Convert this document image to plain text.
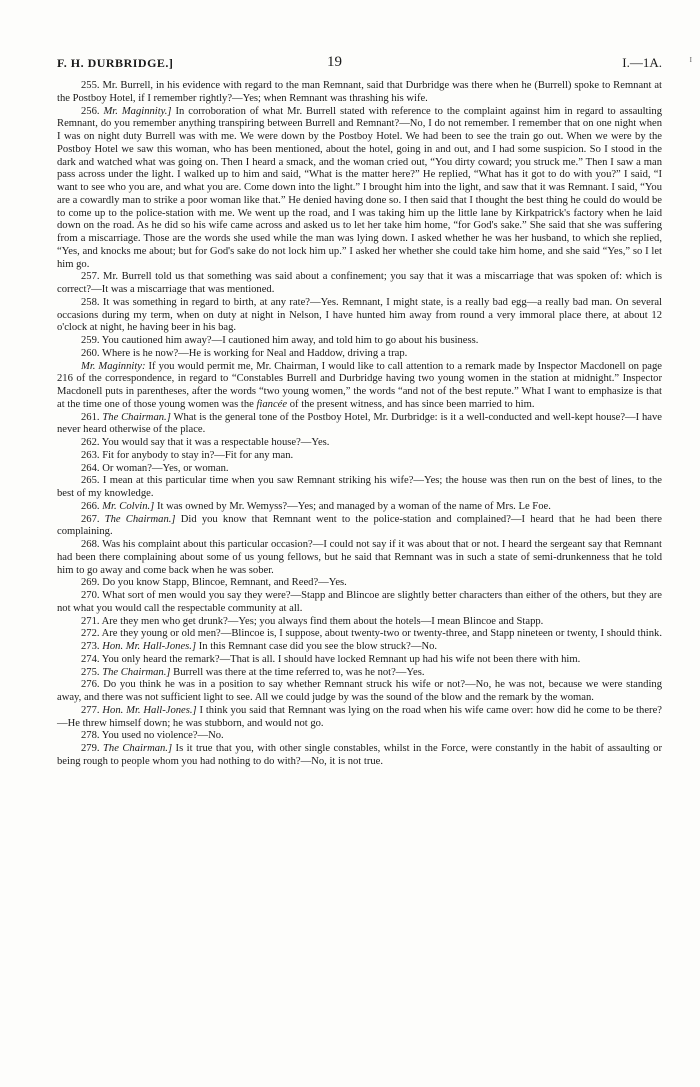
F. H. DURBRIDGE.]	19	I.—1A.	I

255. Mr. Burrell, in his evidence with regard to the man Remnant, said that Durbridge was there when he (Burrell) spoke to Remnant at the Postboy Hotel, if I remember rightly?—Yes; when Remnant was thrashing his wife.

256. Mr. Maginnity.] In corroboration of what Mr. Burrell stated with reference to the complaint against him in regard to assaulting Remnant, do you remember anything transpiring between Burrell and Remnant?—No, I do not remember. I remember that on one night when I was on night duty Burrell was with me. We were down by the Postboy Hotel. We had been to see the train go out. When we were by the Postboy Hotel we saw this woman, who has been mentioned, about the hotel, going in and out, and I had some suspicion. So I stood in the dark and watched what was going on. Then I heard a smack, and the woman cried out, “You dirty coward; you struck me.” Then I saw a man pass across under the light. I walked up to him and said, “What is the matter here?” He replied, “What has it got to do with you?” I said, “I want to see who you are, and what you are. Come down into the light.” I brought him into the light, and saw that it was Remnant. I said, “You are a cowardly man to strike a poor woman like that.” He denied having done so. I then said that I thought the best thing he could do would be to come up to the police-station with me. We went up the road, and I was taking him up the little lane by Kirkpatrick's factory when he laid down on the road. As he did so his wife came across and asked us to let her take him home, “for God's sake.” She said that she was suffering from a miscarriage. Those are the words she used while the man was lying down. I asked whether he was her husband, to which she replied, “Yes, and knocks me about; but for God's sake do not lock him up.” I asked her whether she could take him home, and she said “Yes,” so I let him go.

257. Mr. Burrell told us that something was said about a confinement; you say that it was a miscarriage that was spoken of: which is correct?—It was a miscarriage that was mentioned.

258. It was something in regard to birth, at any rate?—Yes. Remnant, I might state, is a really bad egg—a really bad man. On several occasions during my term, when on duty at night in Nelson, I have hunted him away from round a very immoral place there, at about 12 o'clock at night, he having beer in his bag.

259. You cautioned him away?—I cautioned him away, and told him to go about his business.

260. Where is he now?—He is working for Neal and Haddow, driving a trap.

Mr. Maginnity: If you would permit me, Mr. Chairman, I would like to call attention to a remark made by Inspector Macdonell on page 216 of the correspondence, in regard to “Constables Burrell and Durbridge having two young women in the station at midnight.” Inspector Macdonell puts in parentheses, after the words “two young women,” the words “and not of the best repute.” What I want to emphasize is that at the time one of those young women was the fiancée of the present witness, and has since been married to him.

261. The Chairman.] What is the general tone of the Postboy Hotel, Mr. Durbridge: is it a well-conducted and well-kept house?—I have never heard otherwise of the place.

262. You would say that it was a respectable house?—Yes.

263. Fit for anybody to stay in?—Fit for any man.

264. Or woman?—Yes, or woman.

265. I mean at this particular time when you saw Remnant striking his wife?—Yes; the house was then run on the best of lines, to the best of my knowledge.

266. Mr. Colvin.] It was owned by Mr. Wemyss?—Yes; and managed by a woman of the name of Mrs. Le Foe.

267. The Chairman.] Did you know that Remnant went to the police-station and complained?—I heard that he had been there complaining.

268. Was his complaint about this particular occasion?—I could not say if it was about that or not. I heard the sergeant say that Remnant had been there complaining about some of us young fellows, but he said that Remnant was in such a state of semi-drunkenness that he told him to go away and come back when he was sober.

269. Do you know Stapp, Blincoe, Remnant, and Reed?—Yes.

270. What sort of men would you say they were?—Stapp and Blincoe are slightly better characters than either of the others, but they are not what you would call the respectable community at all.

271. Are they men who get drunk?—Yes; you always find them about the hotels—I mean Blincoe and Stapp.

272. Are they young or old men?—Blincoe is, I suppose, about twenty-two or twenty-three, and Stapp nineteen or twenty, I should think.

273. Hon. Mr. Hall-Jones.] In this Remnant case did you see the blow struck?—No.

274. You only heard the remark?—That is all. I should have locked Remnant up had his wife not been there with him.

275. The Chairman.] Burrell was there at the time referred to, was he not?—Yes.

276. Do you think he was in a position to say whether Remnant struck his wife or not?—No, he was not, because we were standing away, and there was not sufficient light to see. All we could judge by was the sound of the blow and the remark by the woman.

277. Hon. Mr. Hall-Jones.] I think you said that Remnant was lying on the road when his wife came over: how did he come to be there?—He threw himself down; he was stubborn, and would not go.

278. You used no violence?—No.

279. The Chairman.] Is it true that you, with other single constables, whilst in the Force, were constantly in the habit of assaulting or being rough to people whom you had nothing to do with?—No, it is not true.
